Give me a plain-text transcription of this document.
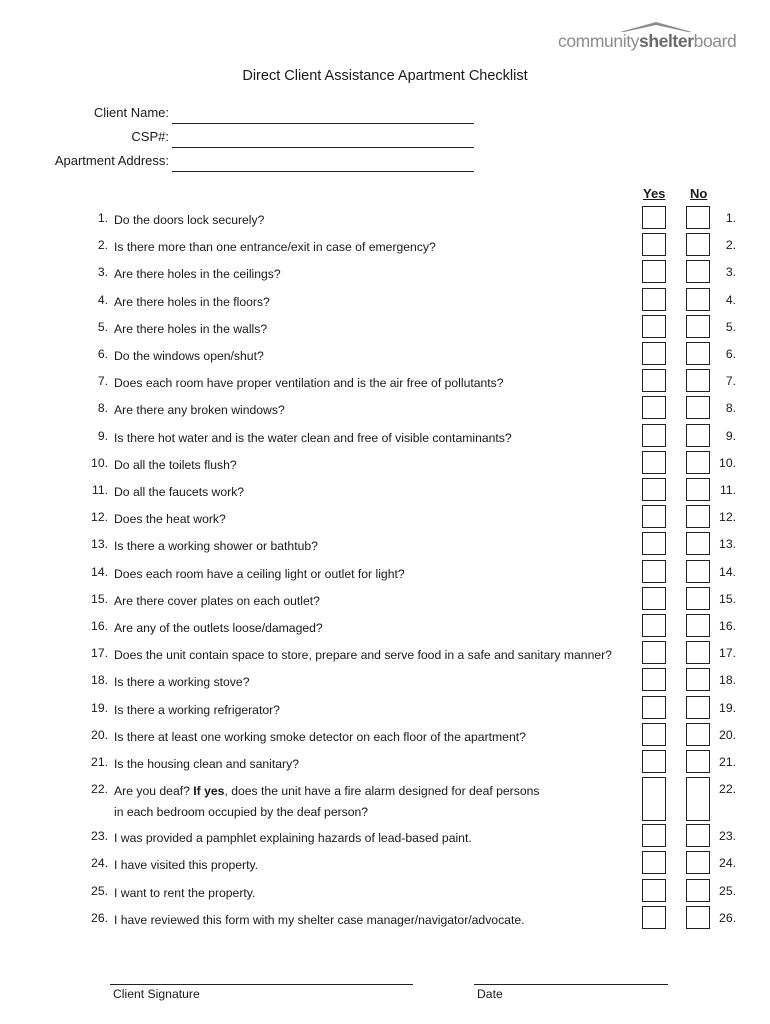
communityshelterboard
Direct Client Assistance Apartment Checklist
Client Name:
CSP#:
Apartment Address:
Yes No
1. Do the doors lock securely?	1.
2. Is there more than one entrance/exit in case of emergency?	2.
3. Are there holes in the ceilings?	3.
4. Are there holes in the floors?	4.
5. Are there holes in the walls?	5.
6. Do the windows open/shut?	6.
7. Does each room have proper ventilation and is the air free of pollutants?	7.
8. Are there any broken windows?	8.
9. Is there hot water and is the water clean and free of visible contaminants?	9.
10. Do all the toilets flush?	10.
11. Do all the faucets work?	11.
12. Does the heat work?	12.
13. Is there a working shower or bathtub?	13.
14. Does each room have a ceiling light or outlet for light?	14.
15. Are there cover plates on each outlet?	15.
16. Are any of the outlets loose/damaged?	16.
17. Does the unit contain space to store, prepare and serve food in a safe and sanitary manner?	17.
18. Is there a working stove?	18.
19. Is there a working refrigerator?	19.
20. Is there at least one working smoke detector on each floor of the apartment?	20.
21. Is the housing clean and sanitary?	21.
22. Are you deaf? If yes, does the unit have a fire alarm designed for deaf persons
in each bedroom occupied by the deaf person?
22.
23. I was provided a pamphlet explaining hazards of lead-based paint.	23.
24. I have visited this property.	24.
25. I want to rent the property.	25.
26. I have reviewed this form with my shelter case manager/navigator/advocate.	26.
Client Signature	Date
